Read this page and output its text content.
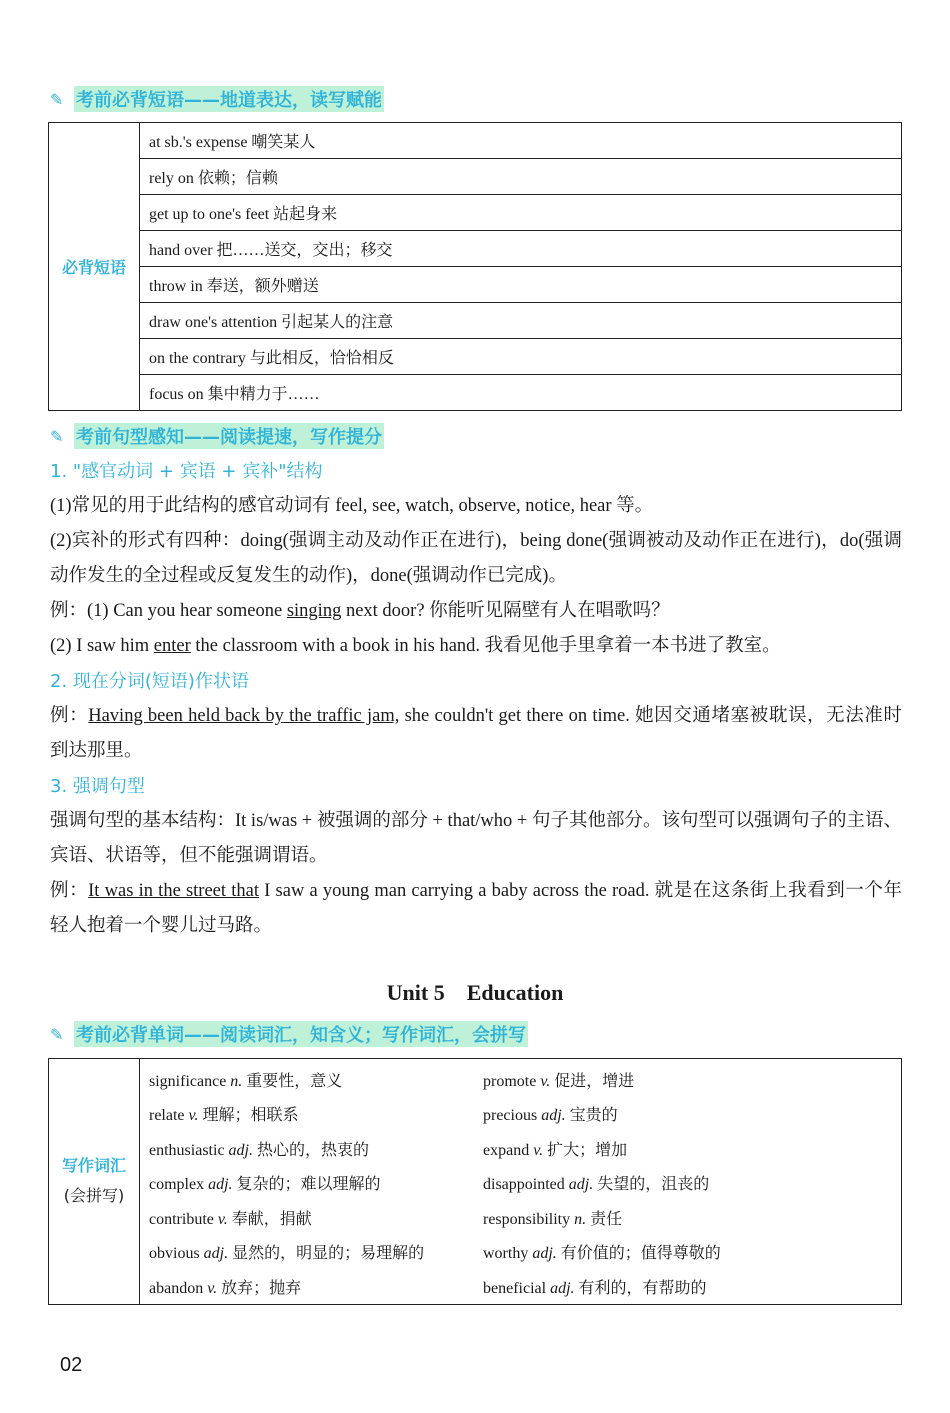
✎ 考前必背短语——地道表达，读写赋能
必背短语	at sb.'s expense 嘲笑某人
rely on 依赖；信赖
get up to one's feet 站起身来
hand over 把……送交，交出；移交
throw in 奉送，额外赠送
draw one's attention 引起某人的注意
on the contrary 与此相反，恰恰相反
focus on 集中精力于……
✎ 考前句型感知——阅读提速，写作提分

1. "感官动词 + 宾语 + 宾补"结构

(1)常见的用于此结构的感官动词有 feel, see, watch, observe, notice, hear 等。

(2)宾补的形式有四种：doing(强调主动及动作正在进行)，being done(强调被动及动作正在进行)，do(强调动作发生的全过程或反复发生的动作)，done(强调动作已完成)。

例：(1) Can you hear someone singing next door? 你能听见隔壁有人在唱歌吗？

(2) I saw him enter the classroom with a book in his hand. 我看见他手里拿着一本书进了教室。

2. 现在分词(短语)作状语

例：Having been held back by the traffic jam, she couldn't get there on time. 她因交通堵塞被耽误，无法准时到达那里。

3. 强调句型

强调句型的基本结构：It is/was + 被强调的部分 + that/who + 句子其他部分。该句型可以强调句子的主语、宾语、状语等，但不能强调谓语。

例：It was in the street that I saw a young man carrying a baby across the road. 就是在这条街上我看到一个年轻人抱着一个婴儿过马路。

Unit 5    Education
✎ 考前必背单词——阅读词汇，知含义；写作词汇，会拼写
写作词汇
(会拼写)	significance n. 重要性，意义	promote v. 促进，增进
	relate v. 理解；相联系	precious adj. 宝贵的
	enthusiastic adj. 热心的，热衷的	expand v. 扩大；增加
	complex adj. 复杂的；难以理解的	disappointed adj. 失望的，沮丧的
	contribute v. 奉献，捐献	responsibility n. 责任
	obvious adj. 显然的，明显的；易理解的	worthy adj. 有价值的；值得尊敬的
	abandon v. 放弃；抛弃	beneficial adj. 有利的，有帮助的
02
